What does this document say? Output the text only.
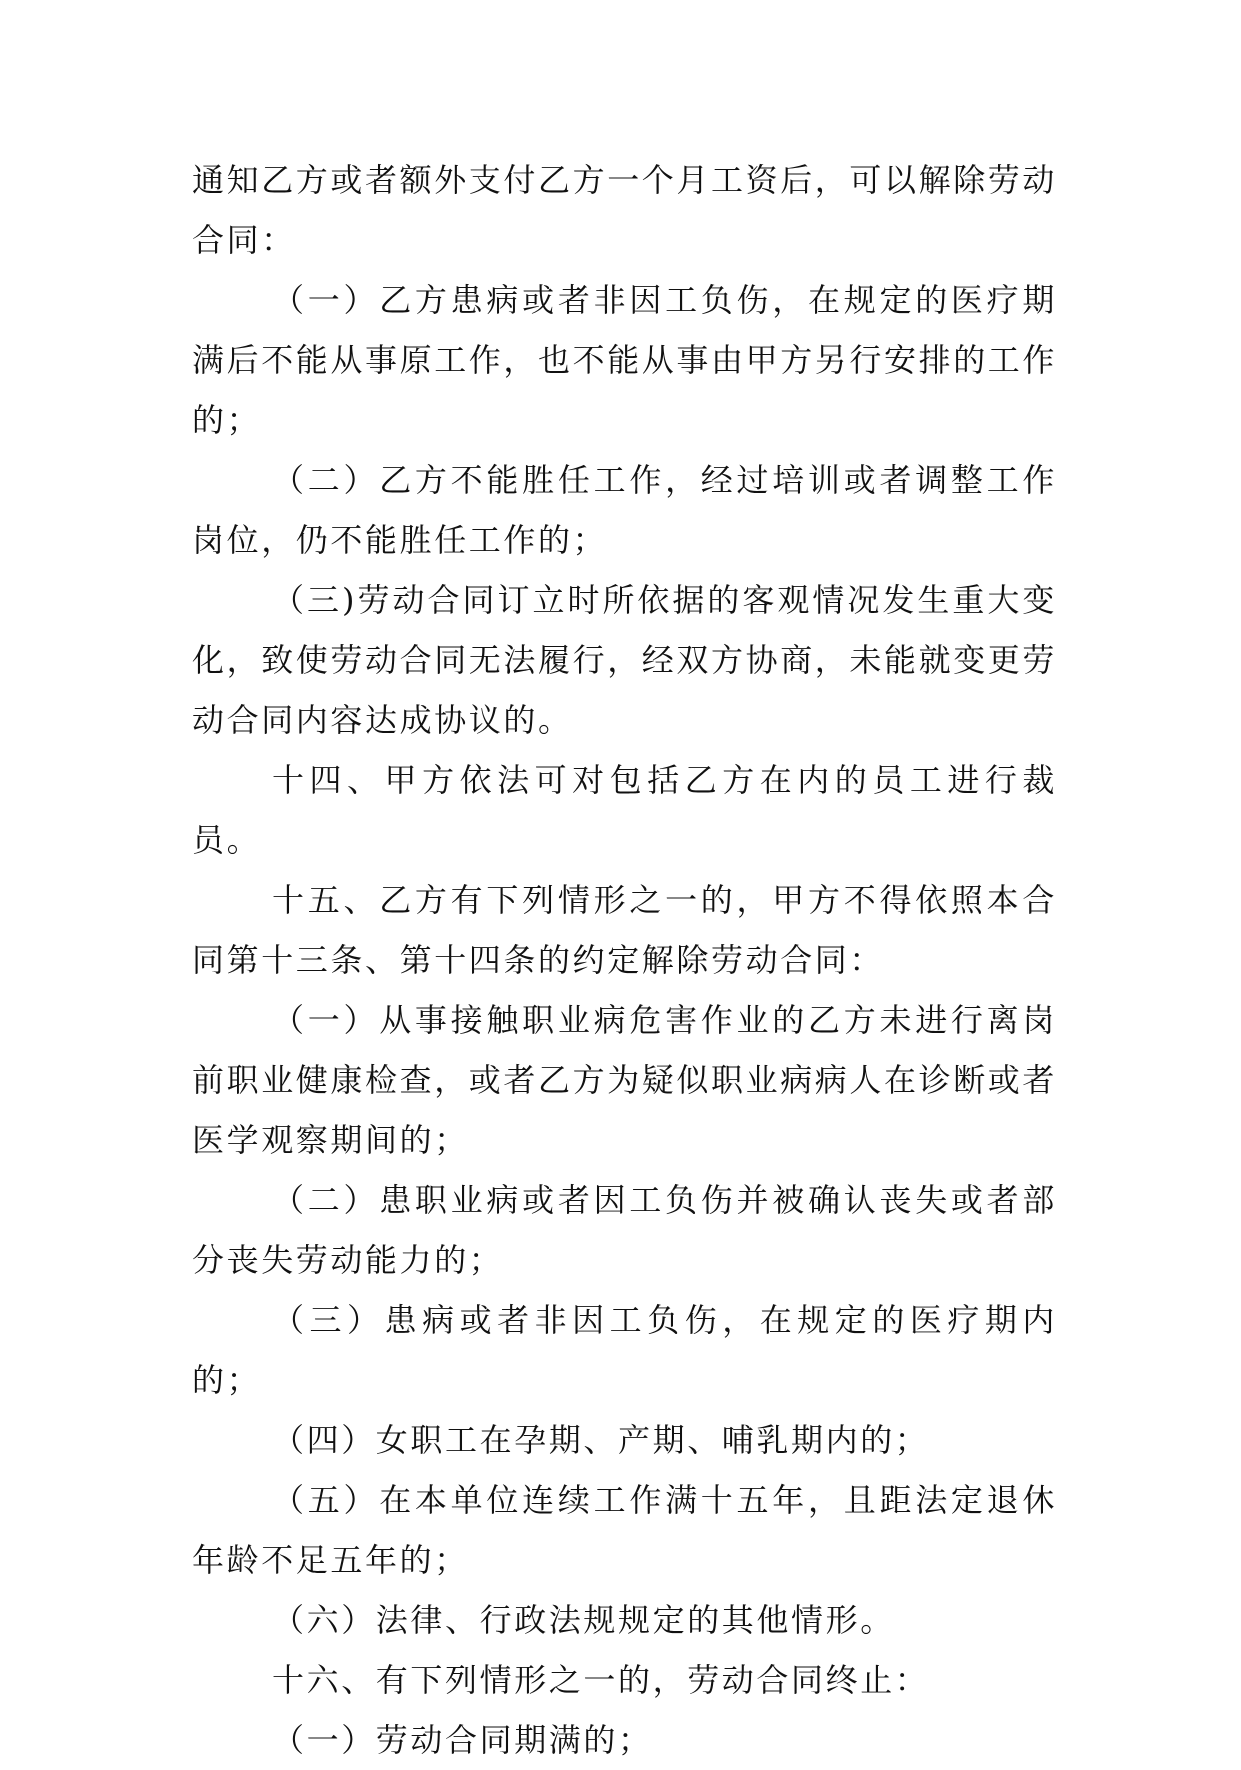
通知乙方或者额外支付乙方一个月工资后，可以解除劳动合同：

（一）乙方患病或者非因工负伤，在规定的医疗期满后不能从事原工作，也不能从事由甲方另行安排的工作的；

（二）乙方不能胜任工作，经过培训或者调整工作岗位，仍不能胜任工作的；

（三)劳动合同订立时所依据的客观情况发生重大变化，致使劳动合同无法履行，经双方协商，未能就变更劳动合同内容达成协议的。

十四、甲方依法可对包括乙方在内的员工进行裁员。

十五、乙方有下列情形之一的，甲方不得依照本合同第十三条、第十四条的约定解除劳动合同：

（一）从事接触职业病危害作业的乙方未进行离岗前职业健康检查，或者乙方为疑似职业病病人在诊断或者医学观察期间的；

（二）患职业病或者因工负伤并被确认丧失或者部分丧失劳动能力的；

（三）患病或者非因工负伤，在规定的医疗期内的；

（四）女职工在孕期、产期、哺乳期内的；

（五）在本单位连续工作满十五年，且距法定退休年龄不足五年的；

（六）法律、行政法规规定的其他情形。

十六、有下列情形之一的，劳动合同终止：

（一）劳动合同期满的；
